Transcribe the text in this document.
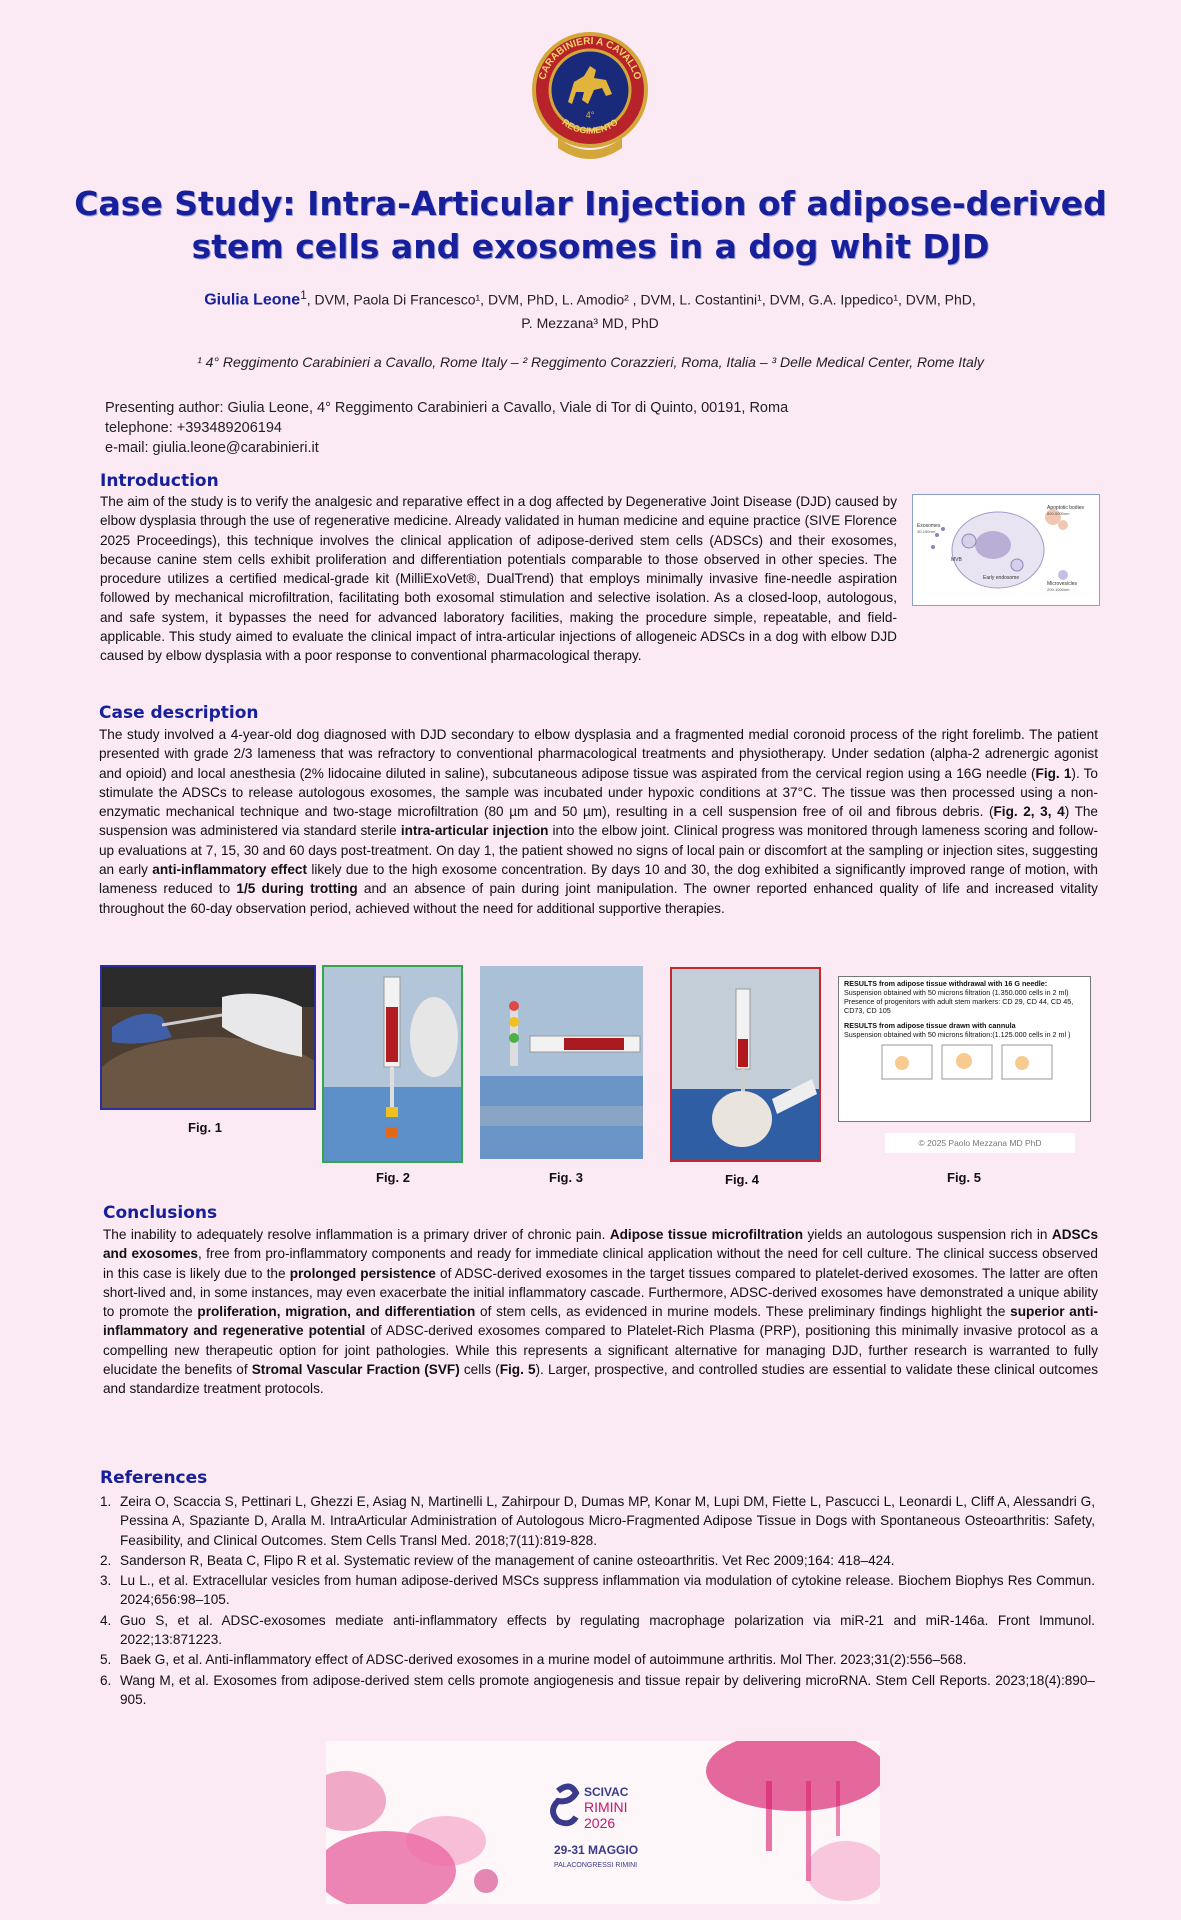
4°
Case Study: Intra-Articular Injection of adipose-derived stem cells and exosomes in a dog whit DJD
Giulia Leone$^1$, DVM, Paola Di Francesco¹, DVM, PhD, L. Amodio² , DVM, L. Costantini¹, DVM, G.A. Ippedico¹, DVM, PhD,
P. Mezzana³ MD, PhD
¹ 4° Reggimento Carabinieri a Cavallo, Rome Italy – ² Reggimento Corazzieri, Roma, Italia – ³ Delle Medical Center, Rome Italy
Presenting author: Giulia Leone, 4° Reggimento Carabinieri a Cavallo, Viale di Tor di Quinto, 00191, Roma
telephone: +393489206194
e-mail: giulia.leone@carabinieri.it
Introduction
The aim of the study is to verify the analgesic and reparative effect in a dog affected by Degenerative Joint Disease (DJD) caused by elbow dysplasia through the use of regenerative medicine. Already validated in human medicine and equine practice (SIVE Florence 2025 Proceedings), this technique involves the clinical application of adipose-derived stem cells (ADSCs) and their exosomes, because canine stem cells exhibit proliferation and differentiation potentials comparable to those observed in other species. The procedure utilizes a certified medical-grade kit (MilliExoVet®, DualTrend) that employs minimally invasive fine-needle aspiration followed by mechanical microfiltration, facilitating both exosomal stimulation and selective isolation. As a closed-loop, autologous, and safe system, it bypasses the need for advanced laboratory facilities, making the procedure simple, repeatable, and field-applicable. This study aimed to evaluate the clinical impact of intra-articular injections of allogeneic ADSCs in a dog with elbow DJD caused by elbow dysplasia with a poor response to conventional pharmacological therapy.
Apoptotic bodies
800-5000nm
Exosomes
30-150nm
MVB
Early endosome
Microvesicles
200-1000nm
Case description
The study involved a 4-year-old dog diagnosed with DJD secondary to elbow dysplasia and a fragmented medial coronoid process of the right forelimb. The patient presented with grade 2/3 lameness that was refractory to conventional pharmacological treatments and physiotherapy. Under sedation (alpha-2 adrenergic agonist and opioid) and local anesthesia (2% lidocaine diluted in saline), subcutaneous adipose tissue was aspirated from the cervical region using a 16G needle (Fig. 1). To stimulate the ADSCs to release autologous exosomes, the sample was incubated under hypoxic conditions at 37°C. The tissue was then processed using a non-enzymatic mechanical technique and two-stage microfiltration (80 µm and 50 µm), resulting in a cell suspension free of oil and fibrous debris. (Fig. 2, 3, 4) The suspension was administered via standard sterile intra-articular injection into the elbow joint. Clinical progress was monitored through lameness scoring and follow-up evaluations at 7, 15, 30 and 60 days post-treatment. On day 1, the patient showed no signs of local pain or discomfort at the sampling or injection sites, suggesting an early anti-inflammatory effect likely due to the high exosome concentration. By days 10 and 30, the dog exhibited a significantly improved range of motion, with lameness reduced to 1/5 during trotting and an absence of pain during joint manipulation. The owner reported enhanced quality of life and increased vitality throughout the 60-day observation period, achieved without the need for additional supportive therapies.
RESULTS from adipose tissue withdrawal with 16 G needle:
Suspension obtained with 50 microns filtration (1.350.000 cells in 2 ml)
Presence of progenitors with adult stem markers: CD 29, CD 44, CD 45, CD73, CD 105
RESULTS from adipose tissue drawn with cannula
Suspension obtained with 50 microns filtration:(1.125.000 cells in 2 ml )
© 2025 Paolo Mezzana MD PhD
Fig. 1
Fig. 2	Fig. 3	Fig. 4	Fig. 5
Conclusions
The inability to adequately resolve inflammation is a primary driver of chronic pain. Adipose tissue microfiltration yields an autologous suspension rich in ADSCs and exosomes, free from pro-inflammatory components and ready for immediate clinical application without the need for cell culture. The clinical success observed in this case is likely due to the prolonged persistence of ADSC-derived exosomes in the target tissues compared to platelet-derived exosomes. The latter are often short-lived and, in some instances, may even exacerbate the initial inflammatory cascade. Furthermore, ADSC-derived exosomes have demonstrated a unique ability to promote the proliferation, migration, and differentiation of stem cells, as evidenced in murine models. These preliminary findings highlight the superior anti-inflammatory and regenerative potential of ADSC-derived exosomes compared to Platelet-Rich Plasma (PRP), positioning this minimally invasive protocol as a compelling new therapeutic option for joint pathologies. While this represents a significant alternative for managing DJD, further research is warranted to fully elucidate the benefits of Stromal Vascular Fraction (SVF) cells (Fig. 5). Larger, prospective, and controlled studies are essential to validate these clinical outcomes and standardize treatment protocols.
References
1. Zeira O, Scaccia S, Pettinari L, Ghezzi E, Asiag N, Martinelli L, Zahirpour D, Dumas MP, Konar M, Lupi DM, Fiette L, Pascucci L, Leonardi L, Cliff A, Alessandri G, Pessina A, Spaziante D, Aralla M. IntraArticular Administration of Autologous Micro-Fragmented Adipose Tissue in Dogs with Spontaneous Osteoarthritis: Safety, Feasibility, and Clinical Outcomes. Stem Cells Transl Med. 2018;7(11):819-828.
2. Sanderson R, Beata C, Flipo R et al. Systematic review of the management of canine osteoarthritis. Vet Rec 2009;164: 418–424.
3. Lu L., et al. Extracellular vesicles from human adipose-derived MSCs suppress inflammation via modulation of cytokine release. Biochem Biophys Res Commun. 2024;656:98–105.
4. Guo S, et al. ADSC-exosomes mediate anti-inflammatory effects by regulating macrophage polarization via miR-21 and miR-146a. Front Immunol. 2022;13:871223.
5. Baek G, et al. Anti-inflammatory effect of ADSC-derived exosomes in a murine model of autoimmune arthritis. Mol Ther. 2023;31(2):556–568.
6. Wang M, et al. Exosomes from adipose-derived stem cells promote angiogenesis and tissue repair by delivering microRNA. Stem Cell Reports. 2023;18(4):890–905.
SCIVAC
RIMINI
2026
29-31 MAGGIO
PALACONGRESSI RIMINI
CARABINIERI A CAVALLO
REGGIMENTO
